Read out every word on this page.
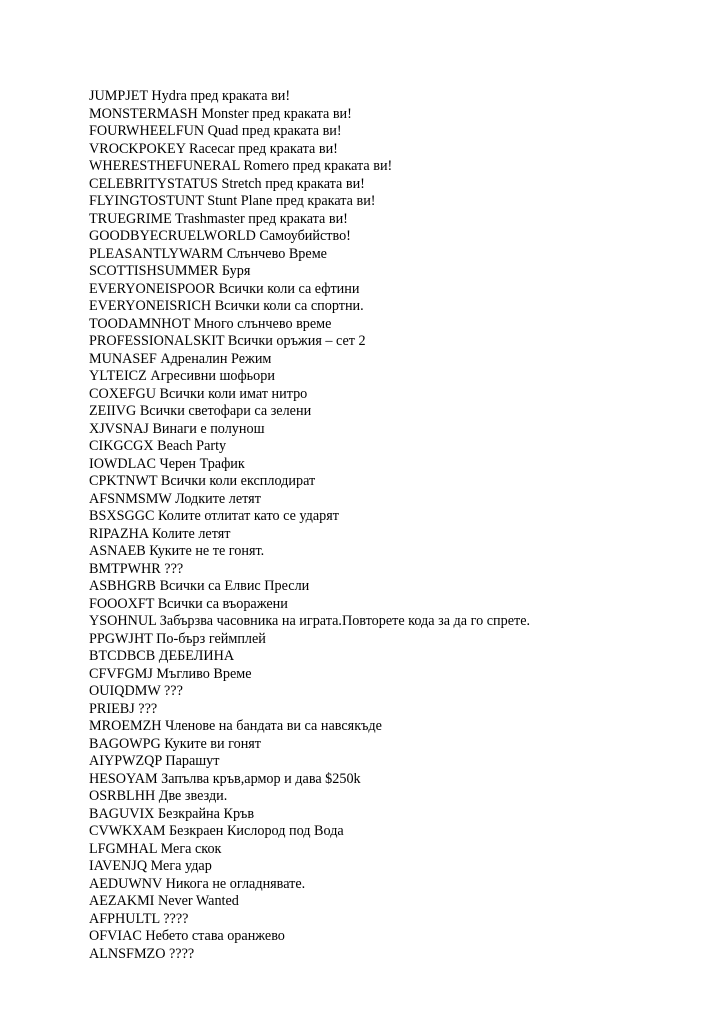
JUMPJET Hydra пред краката ви!
MONSTERMASH Monster пред краката ви!
FOURWHEELFUN Quad пред краката ви!
VROCKPOKEY Racecar пред краката ви!
WHERESTHEFUNERAL Romero пред краката ви!
CELEBRITYSTATUS Stretch пред краката ви!
FLYINGTOSTUNT Stunt Plane пред краката ви!
TRUEGRIME Trashmaster пред краката ви!
GOODBYECRUELWORLD Самоубийство!
PLEASANTLYWARM Слънчево Време
SCOTTISHSUMMER Буря
EVERYONEISPOOR Всички коли са ефтини
EVERYONEISRICH Всички коли са спортни.
TOODAMNHOT Много слънчево време
PROFESSIONALSKIT Всички оръжия – сет 2
MUNASEF Адреналин Режим
YLTEICZ Агресивни шофьори
COXEFGU Всички коли имат нитро
ZEIIVG Всички светофари са зелени
XJVSNAJ Винаги е полунош
CIKGCGX Beach Party
IOWDLAC Черен Трафик
CPKTNWT Всички коли експлодират
AFSNMSMW Лодките летят
BSXSGGC Колите отлитат като се ударят
RIPAZHA Колите летят
ASNAEB Куките не те гонят.
BMTPWHR ???
ASBHGRB Всички са Елвис Пресли
FOOOXFT Всички са въоражени
YSOHNUL Забързва часовника на играта.Повторете кода за да го спрете.
PPGWJHT По-бърз геймплей
BTCDBCB ДЕБЕЛИНА
CFVFGMJ Мъгливо Време
OUIQDMW ???
PRIEBJ ???
MROEMZH Членове на бандата ви са навсякъде
BAGOWPG Куките ви гонят
AIYPWZQP Парашут
HESOYAM Запълва кръв,армор и дава $250k
OSRBLHH Две звезди.
BAGUVIX Безкрайна Кръв
CVWKXAM Безкраен Кислород под Вода
LFGMHAL Мега скок
IAVENJQ Мега удар
AEDUWNV Никога не огладнявате.
AEZAKMI Never Wanted
AFPHULTL ????
OFVIAC Небето става оранжево
ALNSFMZO ????
